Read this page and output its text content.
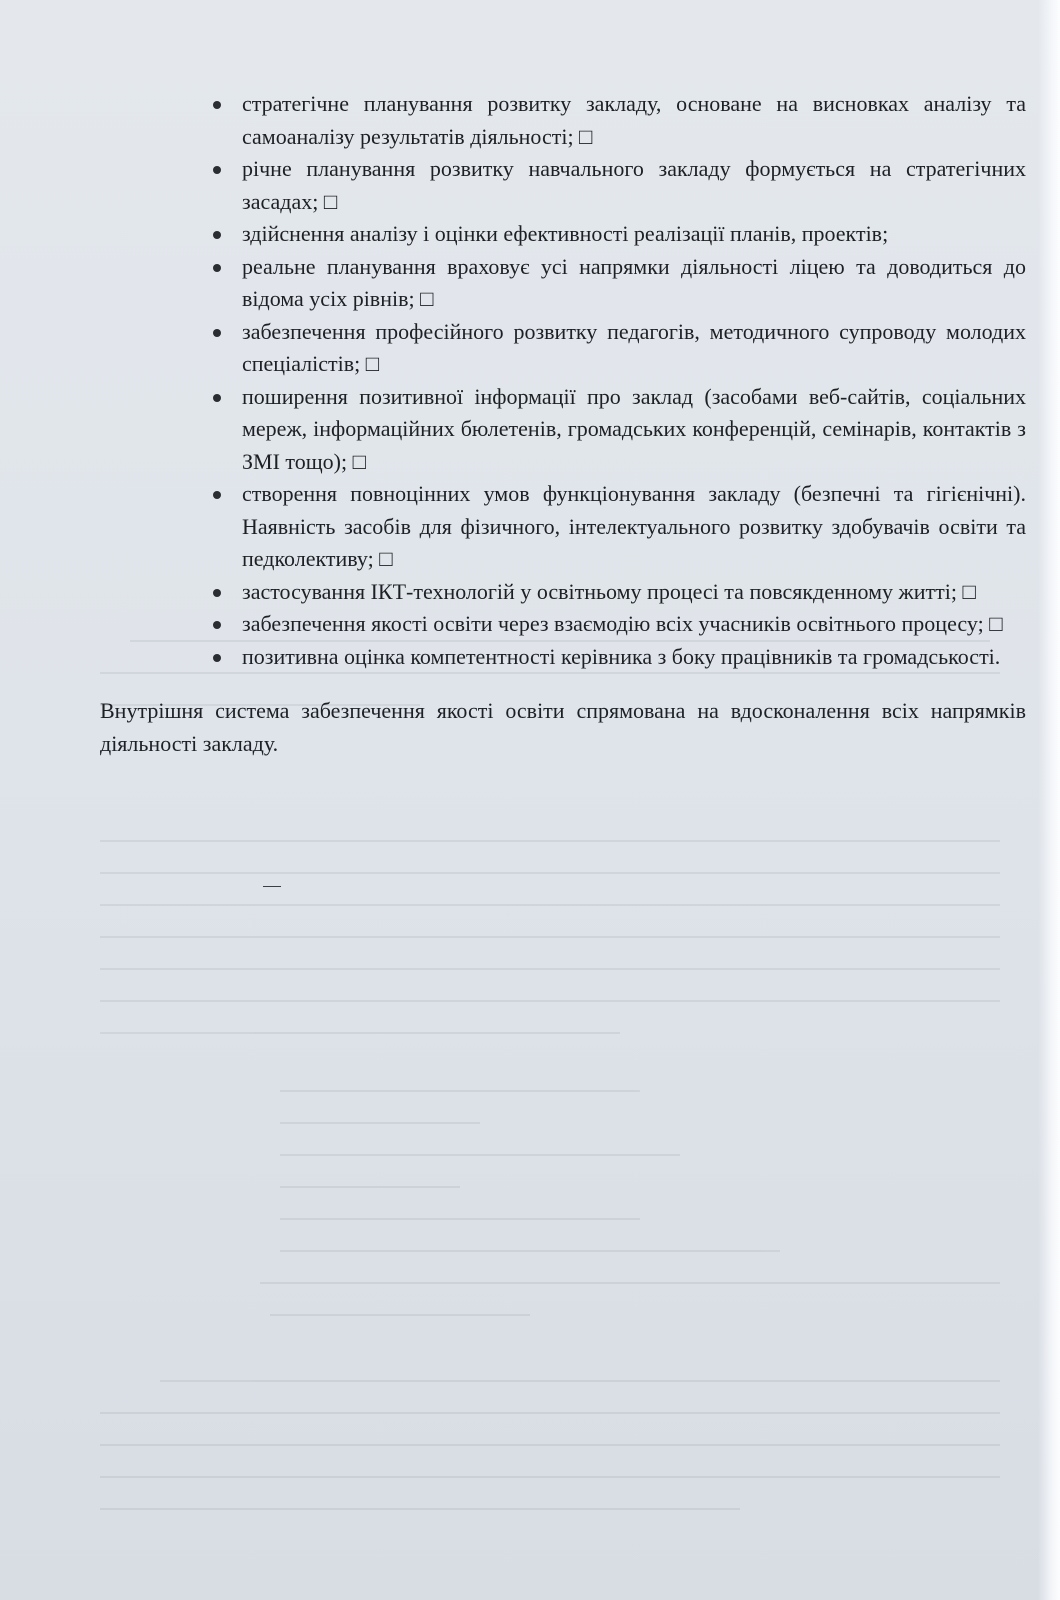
стратегічне планування розвитку закладу, основане на висновках аналізу та самоаналізу результатів діяльності; □
річне планування розвитку навчального закладу формується на стратегічних засадах; □
здійснення аналізу і оцінки ефективності реалізації планів, проектів;
реальне планування враховує усі напрямки діяльності ліцею та доводиться до відома усіх рівнів; □
забезпечення професійного розвитку педагогів, методичного супроводу молодих спеціалістів; □
поширення позитивної інформації про заклад (засобами веб-сайтів, соціальних мереж, інформаційних бюлетенів, громадських конференцій, семінарів, контактів з ЗМІ тощо); □
створення повноцінних умов функціонування закладу (безпечні та гігієнічні). Наявність засобів для фізичного, інтелектуального розвитку здобувачів освіти та педколективу; □
застосування ІКТ-технологій у освітньому процесі та повсякденному житті; □
забезпечення якості освіти через взаємодію всіх учасників освітнього процесу; □
позитивна оцінка компетентності керівника з боку працівників та громадськості.

Внутрішня система забезпечення якості освіти спрямована на вдосконалення всіх напрямків діяльності закладу.
